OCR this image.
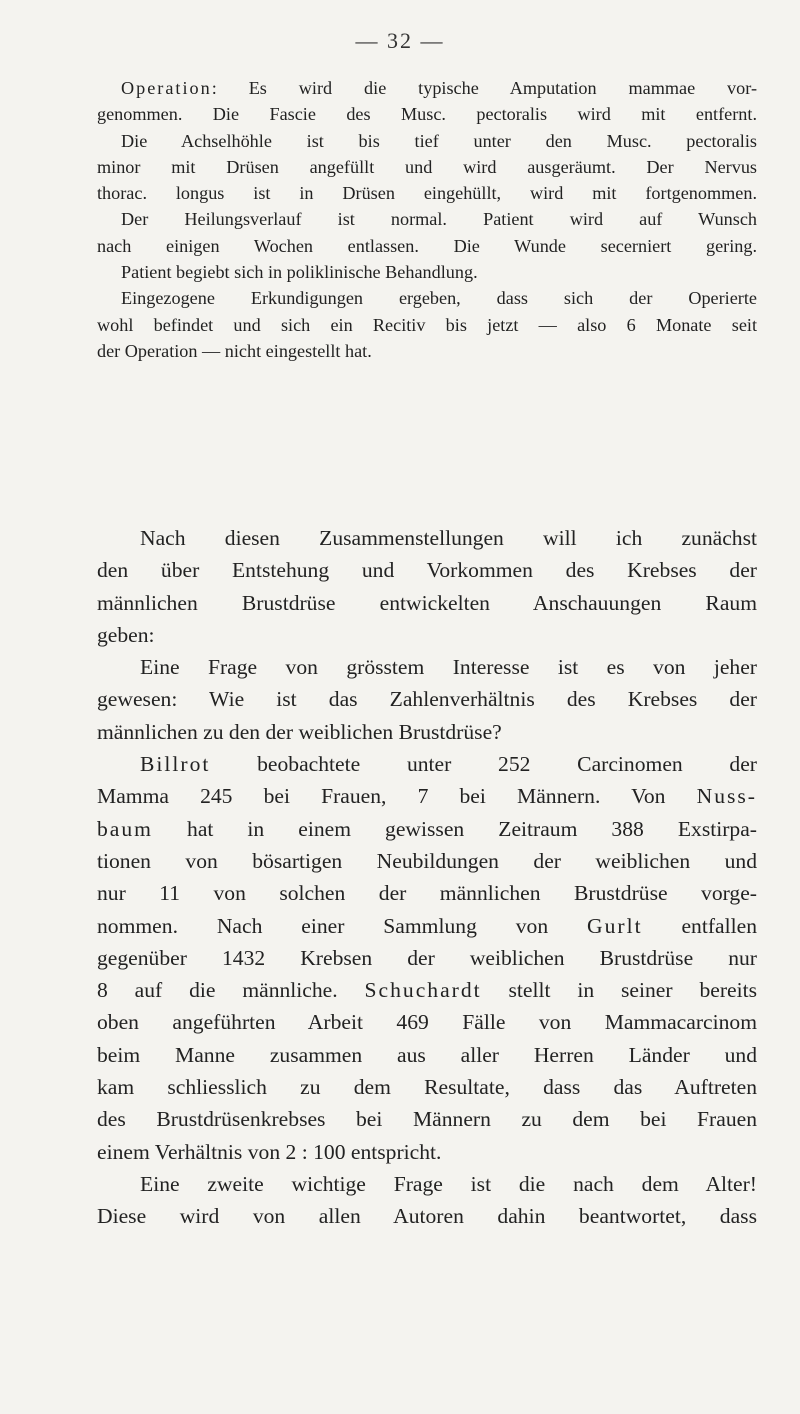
— 32 —
Operation: Es wird die typische Amputation mammae vor-
genommen. Die Fascie des Musc. pectoralis wird mit entfernt.
Die Achselhöhle ist bis tief unter den Musc. pectoralis
minor mit Drüsen angefüllt und wird ausgeräumt. Der Nervus
thorac. longus ist in Drüsen eingehüllt, wird mit fortgenommen.
Der Heilungsverlauf ist normal. Patient wird auf Wunsch
nach einigen Wochen entlassen. Die Wunde secerniert gering.
Patient begiebt sich in poliklinische Behandlung.
Eingezogene Erkundigungen ergeben, dass sich der Operierte
wohl befindet und sich ein Recitiv bis jetzt — also 6 Monate seit
der Operation — nicht eingestellt hat.
Nach diesen Zusammenstellungen will ich zunächst
den über Entstehung und Vorkommen des Krebses der
männlichen Brustdrüse entwickelten Anschauungen Raum
geben:
Eine Frage von grösstem Interesse ist es von jeher
gewesen: Wie ist das Zahlenverhältnis des Krebses der
männlichen zu den der weiblichen Brustdrüse?
Billrot beobachtete unter 252 Carcinomen der
Mamma 245 bei Frauen, 7 bei Männern. Von Nuss-
baum hat in einem gewissen Zeitraum 388 Exstirpa-
tionen von bösartigen Neubildungen der weiblichen und
nur 11 von solchen der männlichen Brustdrüse vorge-
nommen. Nach einer Sammlung von Gurlt entfallen
gegenüber 1432 Krebsen der weiblichen Brustdrüse nur
8 auf die männliche. Schuchardt stellt in seiner bereits
oben angeführten Arbeit 469 Fälle von Mammacarcinom
beim Manne zusammen aus aller Herren Länder und
kam schliesslich zu dem Resultate, dass das Auftreten
des Brustdrüsenkrebses bei Männern zu dem bei Frauen
einem Verhältnis von 2 : 100 entspricht.
Eine zweite wichtige Frage ist die nach dem Alter!
Diese wird von allen Autoren dahin beantwortet, dass
